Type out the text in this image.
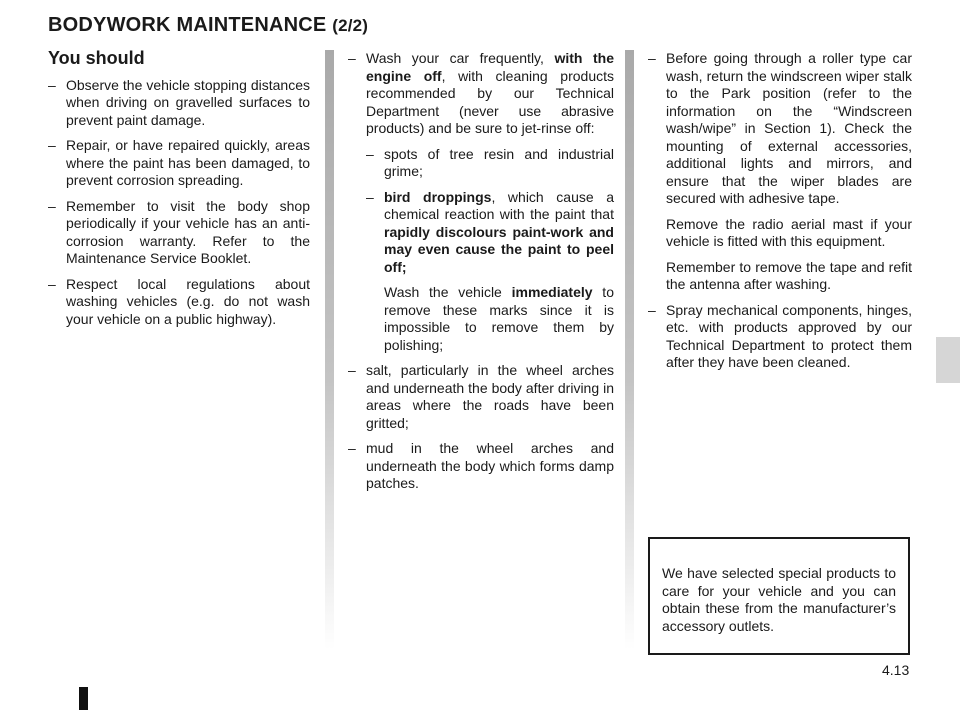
BODYWORK MAINTENANCE (2/2)
You should
– Observe the vehicle stopping distances when driving on gravelled surfaces to prevent paint damage.
– Repair, or have repaired quickly, areas where the paint has been damaged, to prevent corrosion spreading.
– Remember to visit the body shop periodically if your vehicle has an anti-corrosion warranty. Refer to the Maintenance Service Booklet.
– Respect local regulations about washing vehicles (e.g. do not wash your vehicle on a public highway).
– Wash your car frequently, with the engine off, with cleaning products recommended by our Technical Department (never use abrasive products) and be sure to jet-rinse off:
– spots of tree resin and industrial grime;
– bird droppings, which cause a chemical reaction with the paint that rapidly discolours paint-work and may even cause the paint to peel off;
Wash the vehicle immediately to remove these marks since it is impossible to remove them by polishing;
– salt, particularly in the wheel arches and underneath the body after driving in areas where the roads have been gritted;
– mud in the wheel arches and underneath the body which forms damp patches.
– Before going through a roller type car wash, return the windscreen wiper stalk to the Park position (refer to the information on the “Windscreen wash/wipe” in Section 1). Check the mounting of external accessories, additional lights and mirrors, and ensure that the wiper blades are secured with adhesive tape.
Remove the radio aerial mast if your vehicle is fitted with this equipment.
Remember to remove the tape and refit the antenna after washing.
– Spray mechanical components, hinges, etc. with products approved by our Technical Department to protect them after they have been cleaned.
We have selected special products to care for your vehicle and you can obtain these from the manufacturer’s accessory outlets.
4.13
